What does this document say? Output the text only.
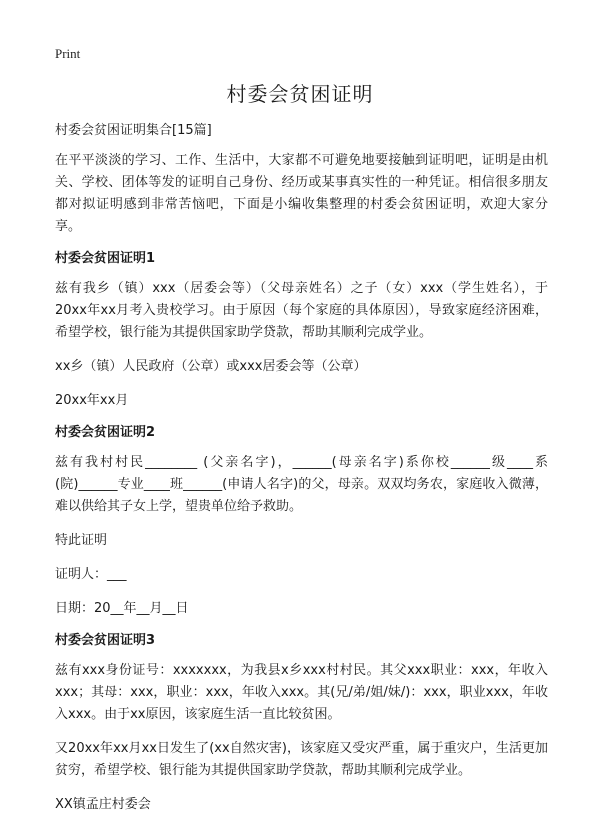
Print
村委会贫困证明

村委会贫困证明集合[15篇]

在平平淡淡的学习、工作、生活中，大家都不可避免地要接触到证明吧，证明是由机关、学校、团体等发的证明自己身份、经历或某事真实性的一种凭证。相信很多朋友都对拟证明感到非常苦恼吧，下面是小编收集整理的村委会贫困证明，欢迎大家分享。

村委会贫困证明1

兹有我乡（镇）xxx（居委会等）（父母亲姓名）之子（女）xxx（学生姓名），于20xx年xx月考入贵校学习。由于原因（每个家庭的具体原因），导致家庭经济困难，希望学校，银行能为其提供国家助学贷款，帮助其顺利完成学业。

xx乡（镇）人民政府（公章）或xxx居委会等（公章）

20xx年xx月

村委会贫困证明2

兹有我村村民________ (父亲名字)，______(母亲名字)系你校______级____系(院)______专业____班______(申请人名字)的父，母亲。双双均务农，家庭收入微薄，难以供给其子女上学，望贵单位给予救助。

特此证明

证明人：___

日期：20__年__月__日

村委会贫困证明3

兹有xxx身份证号：xxxxxxx，为我县x乡xxx村村民。其父xxx职业：xxx，年收入xxx；其母：xxx，职业：xxx，年收入xxx。其(兄/弟/姐/妹/)：xxx，职业xxx，年收入xxx。由于xx原因，该家庭生活一直比较贫困。

又20xx年xx月xx日发生了(xx自然灾害)，该家庭又受灾严重，属于重灾户，生活更加贫穷，希望学校、银行能为其提供国家助学贷款，帮助其顺利完成学业。

XX镇孟庄村委会
